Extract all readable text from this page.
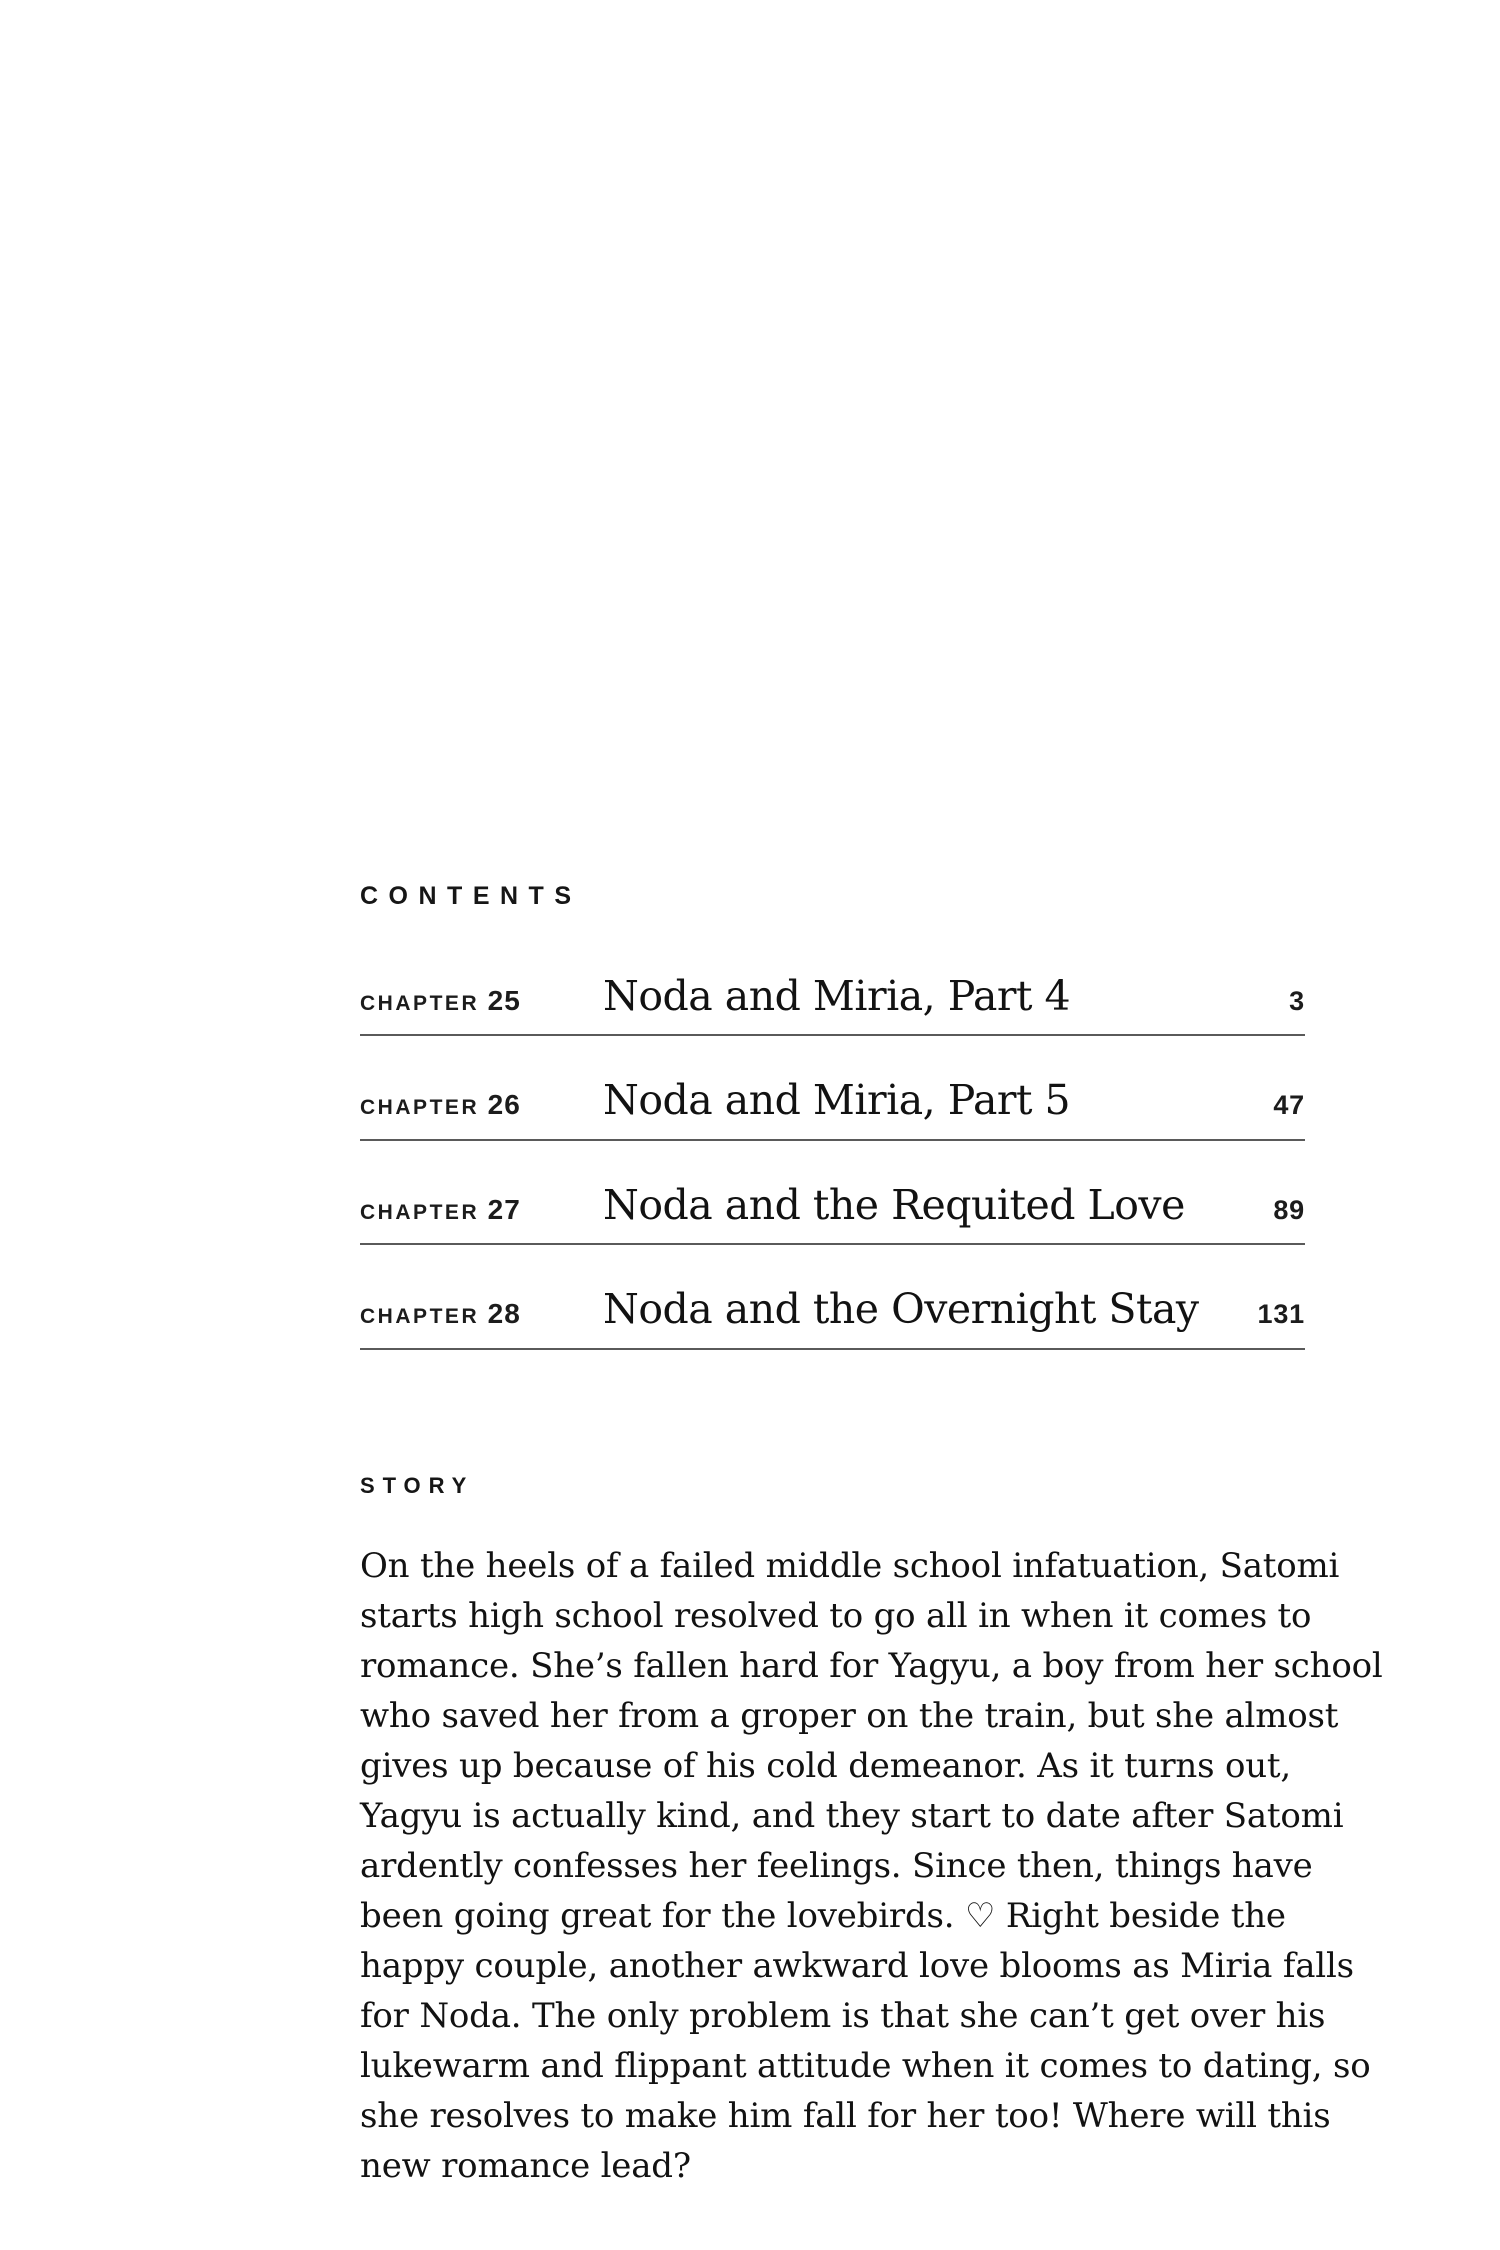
CONTENTS
CHAPTER 25	Noda and Miria, Part 4	3
CHAPTER 26	Noda and Miria, Part 5	47
CHAPTER 27	Noda and the Requited Love	89
CHAPTER 28	Noda and the Overnight Stay	131
STORY

On the heels of a failed middle school infatuation, Satomi starts high school resolved to go all in when it comes to romance. She’s fallen hard for Yagyu, a boy from her school who saved her from a groper on the train, but she almost gives up because of his cold demeanor. As it turns out, Yagyu is actually kind, and they start to date after Satomi ardently confesses her feelings. Since then, things have been going great for the lovebirds. ♡ Right beside the happy couple, another awkward love blooms as Miria falls for Noda. The only problem is that she can’t get over his lukewarm and flippant attitude when it comes to dating, so she resolves to make him fall for her too! Where will this new romance lead?
